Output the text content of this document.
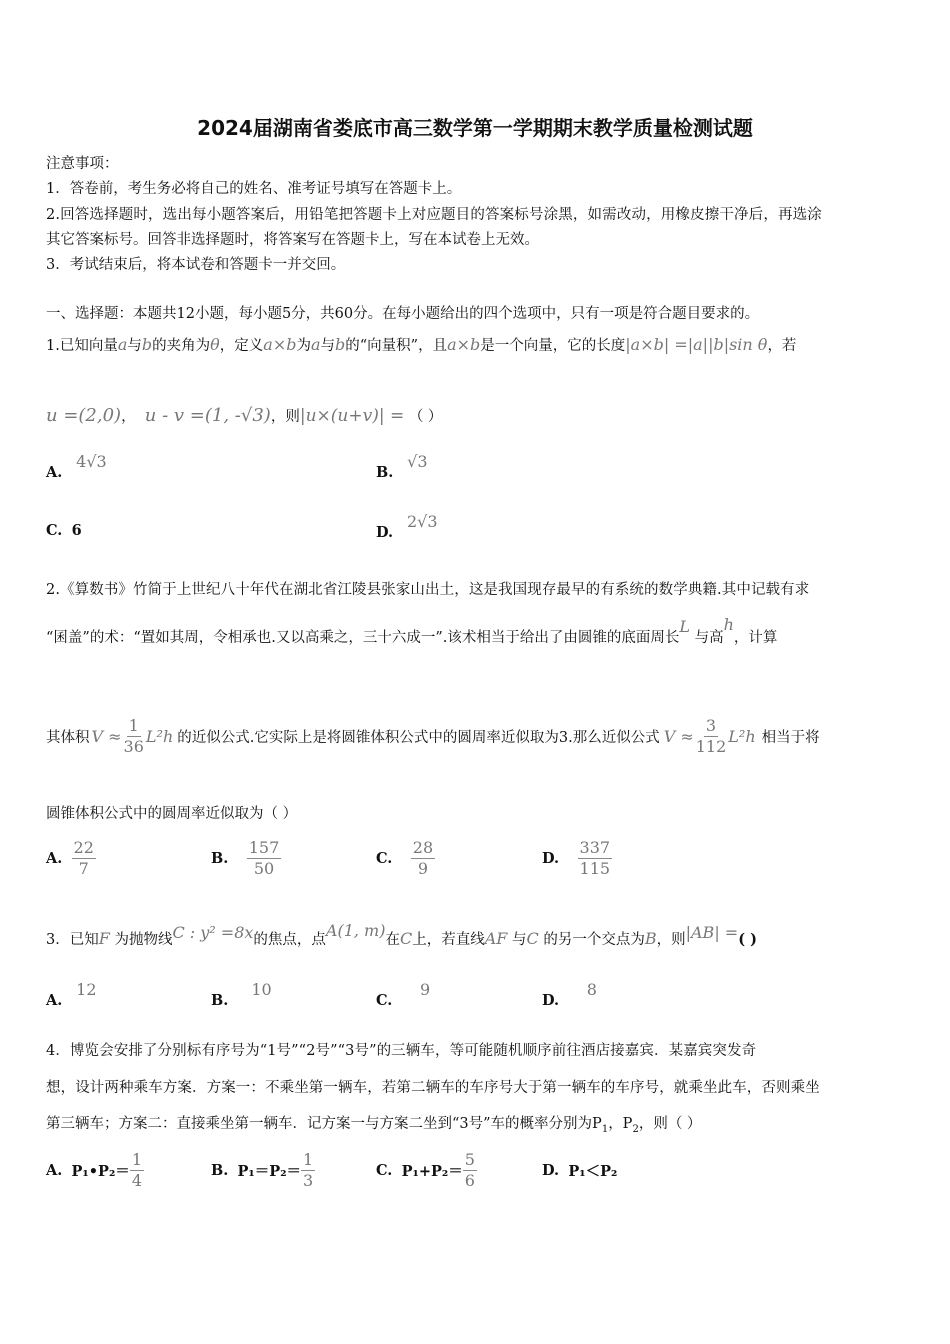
2024届湖南省娄底市高三数学第一学期期末教学质量检测试题
注意事项：
1．答卷前，考生务必将自己的姓名、准考证号填写在答题卡上。
2.回答选择题时，选出每小题答案后，用铅笔把答题卡上对应题目的答案标号涂黑，如需改动，用橡皮擦干净后，再选涂
其它答案标号。回答非选择题时，将答案写在答题卡上，写在本试卷上无效。
3．考试结束后，将本试卷和答题卡一并交回。
一、选择题：本题共12小题，每小题5分，共60分。在每小题给出的四个选项中，只有一项是符合题目要求的。
1.已知向量a与b的夹角为θ，定义a×b为a与b的“向量积”，且a×b是一个向量，它的长度|a×b| =|a||b|sin θ，若
u =(2,0)， u - v =(1, -√3)，则|u×(u+v)| = （ ）
A.   4√3
B.   √3
C. 6	D.   2√3
2.《算数书》竹简于上世纪八十年代在湖北省江陵县张家山出土，这是我国现存最早的有系统的数学典籍.其中记载有求
“囷盖”的术：“置如其周，令相承也.又以高乘之，三十六成一”.该术相当于给出了由圆锥的底面周长L 与高h，计算
其体积 $V \approx \frac{1}{36} L^2h$ 的近似公式.它实际上是将圆锥体积公式中的圆周率近似取为3.那么近似公式 $V \approx \frac{3}{112} L^2h$ 相当于将
圆锥体积公式中的圆周率近似取为（ ）
A.
$\frac{22}{7}$	B.
$\frac{157}{50}$	C.
$\frac{28}{9}$	D.
$\frac{337}{115}$
3．已知F 为抛物线C : y² =8x的焦点，点A(1, m)在C上，若直线AF 与C 的另一个交点为B，则|AB| =( )
A.   12
B.     10
C.      9
D.      8
4．博览会安排了分别标有序号为“1号”“2号”“3号”的三辆车，等可能随机顺序前往酒店接嘉宾．某嘉宾突发奇
想，设计两种乘车方案．方案一：不乘坐第一辆车，若第二辆车的车序号大于第一辆车的车序号，就乘坐此车，否则乘坐
第三辆车；方案二：直接乘坐第一辆车．记方案一与方案二坐到“3号”车的概率分别为$P_1$，$P_2$，则（ ）
A.
P₁•P₂＝ $\frac{1}{4}$	B.
$P_1=P_2= \frac{1}{3}$	C.
$P_1+P_2= \frac{5}{6}$	D.
P₁＜P₂
